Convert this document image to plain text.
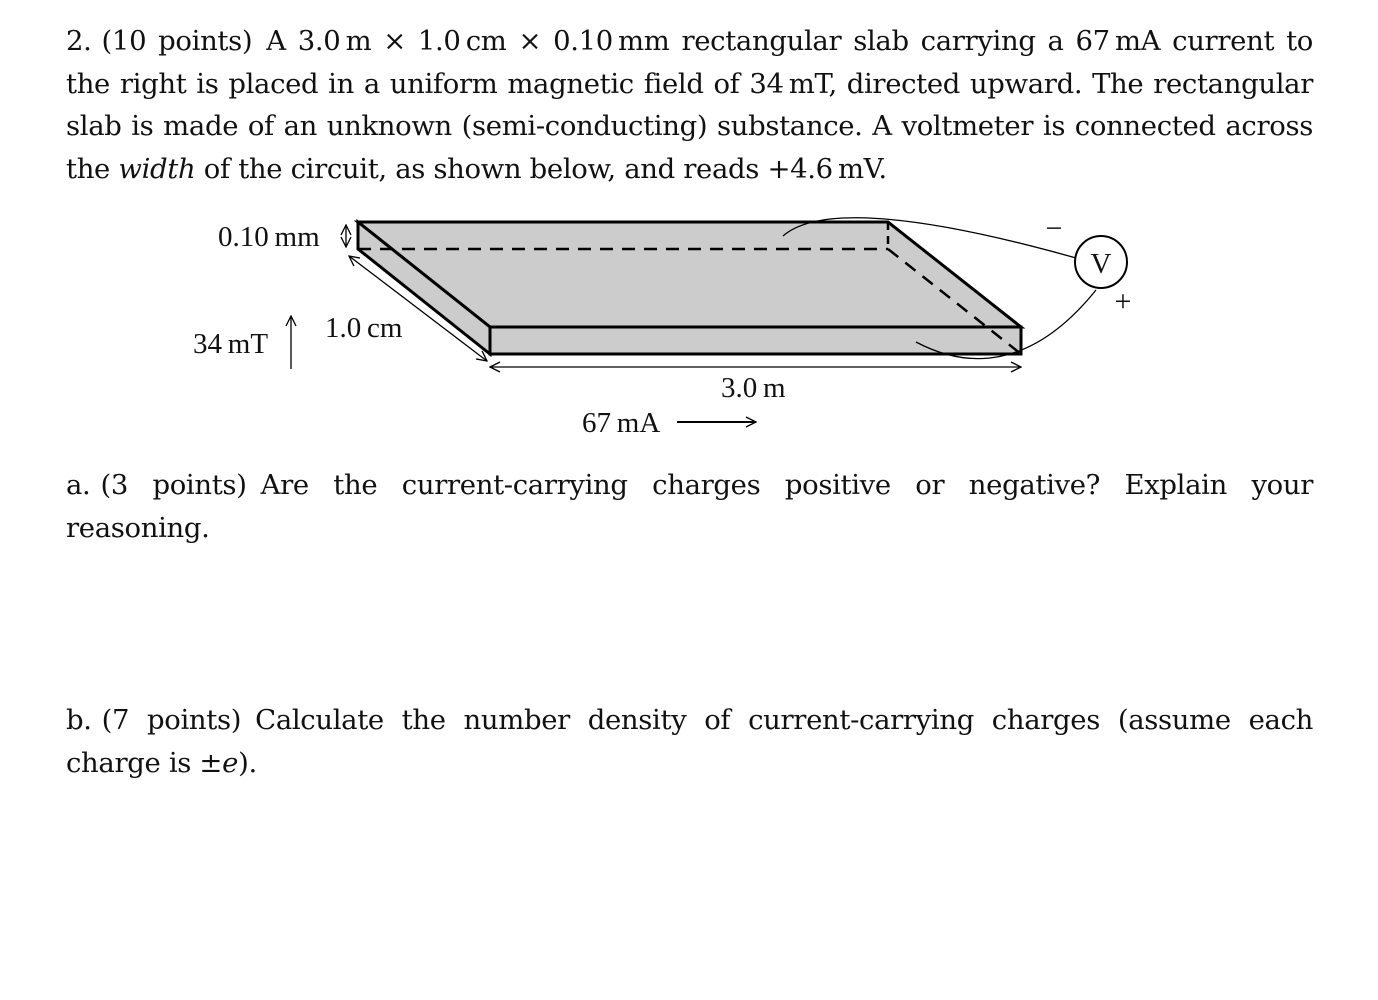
2. (10 points) A 3.0 m × 1.0 cm × 0.10 mm rectangular slab carrying a 67 mA current to the right is placed in a uniform magnetic field of 34 mT, directed upward. The rectangular slab is made of an unknown (semi-conducting) substance. A voltmeter is connected across the width of the circuit, as shown below, and reads +4.6 mV.

0.10 mm
1.0 cm
3.0 m
34 mT
67 mA
V
−
+

a. (3 points) Are the current-carrying charges positive or negative? Explain your reasoning.

b. (7 points) Calculate the number density of current-carrying charges (assume each charge is ±e).
